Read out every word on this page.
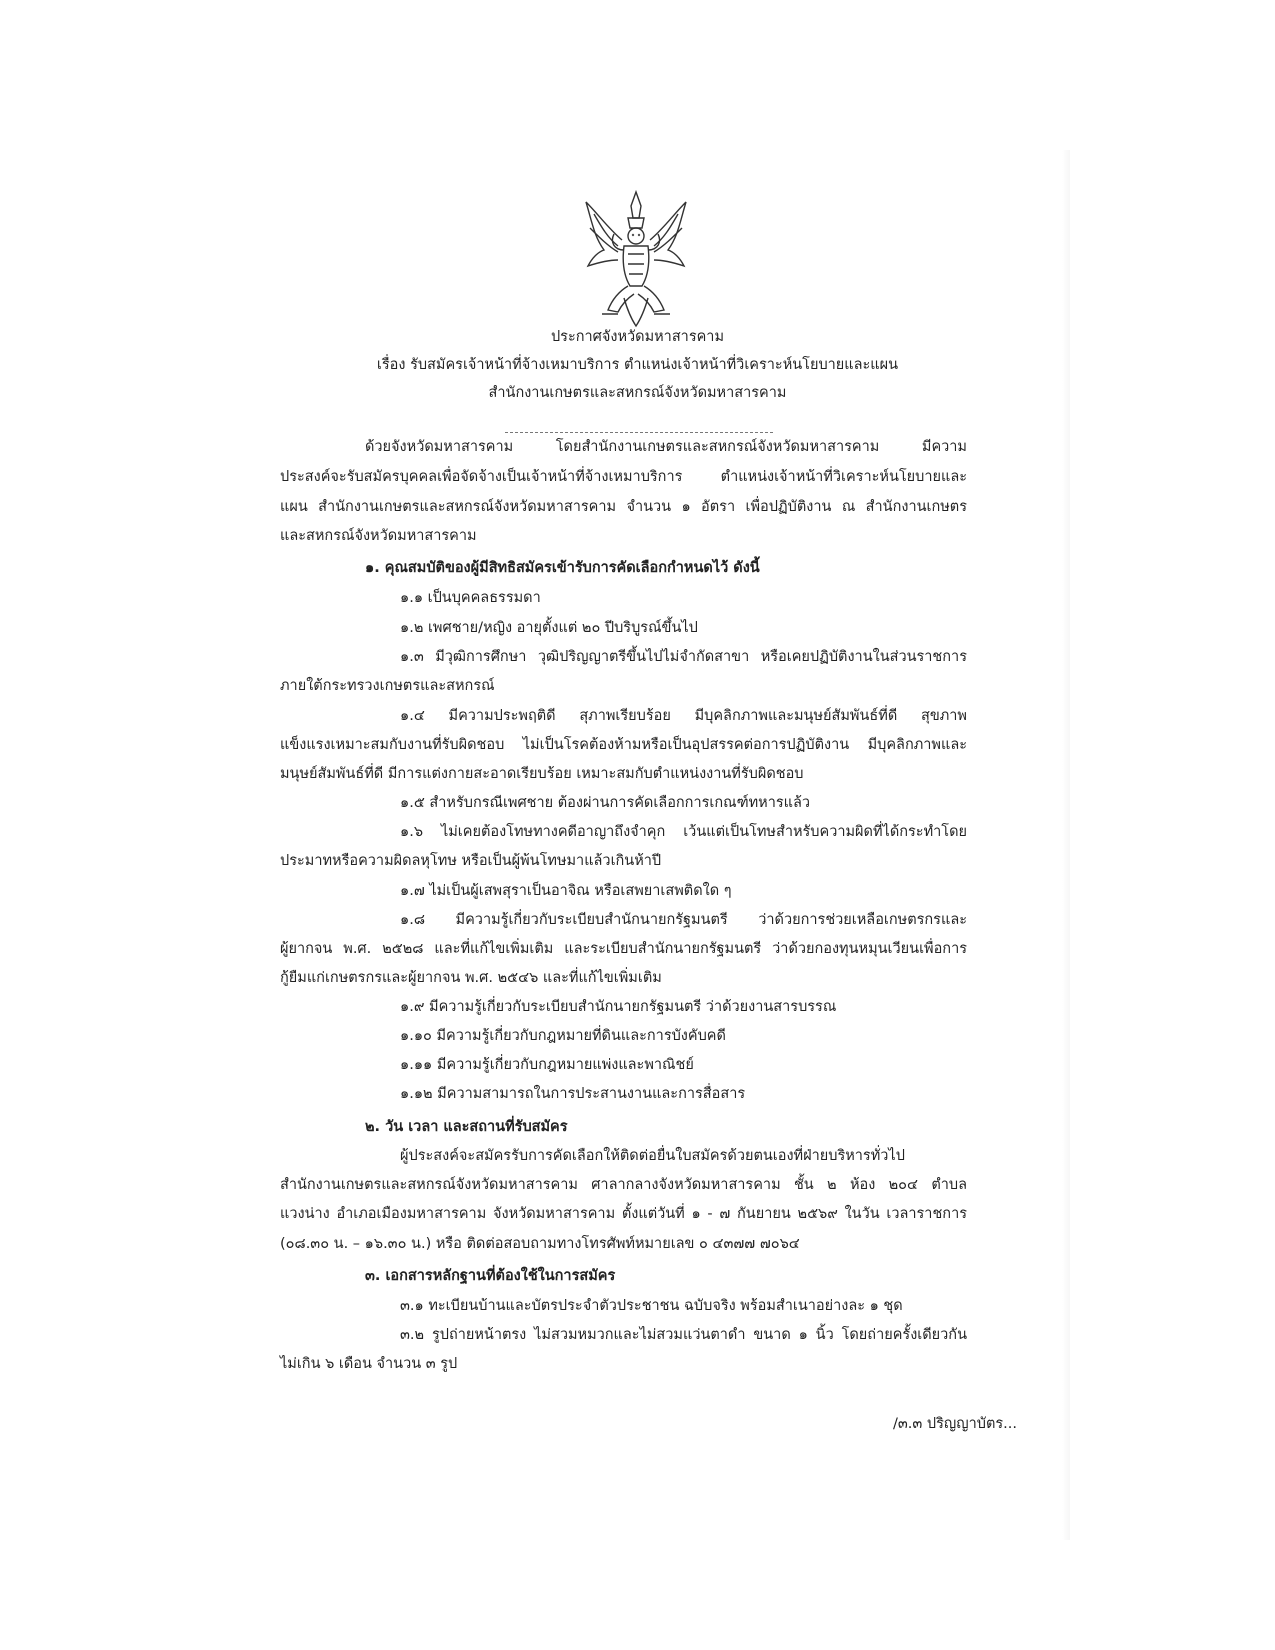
ประกาศจังหวัดมหาสารคาม
เรื่อง รับสมัครเจ้าหน้าที่จ้างเหมาบริการ ตำแหน่งเจ้าหน้าที่วิเคราะห์นโยบายและแผน
สำนักงานเกษตรและสหกรณ์จังหวัดมหาสารคาม
ด้วยจังหวัดมหาสารคาม โดยสำนักงานเกษตรและสหกรณ์จังหวัดมหาสารคาม มีความ
ประสงค์จะรับสมัครบุคคลเพื่อจัดจ้างเป็นเจ้าหน้าที่จ้างเหมาบริการ ตำแหน่งเจ้าหน้าที่วิเคราะห์นโยบายและ
แผน สำนักงานเกษตรและสหกรณ์จังหวัดมหาสารคาม จำนวน ๑ อัตรา เพื่อปฏิบัติงาน ณ สำนักงานเกษตร
และสหกรณ์จังหวัดมหาสารคาม
๑. คุณสมบัติของผู้มีสิทธิสมัครเข้ารับการคัดเลือกกำหนดไว้ ดังนี้
๑.๑ เป็นบุคคลธรรมดา
๑.๒ เพศชาย/หญิง อายุตั้งแต่ ๒๐ ปีบริบูรณ์ขึ้นไป
๑.๓ มีวุฒิการศึกษา วุฒิปริญญาตรีขึ้นไปไม่จำกัดสาขา หรือเคยปฏิบัติงานในส่วนราชการ
ภายใต้กระทรวงเกษตรและสหกรณ์
๑.๔ มีความประพฤติดี สุภาพเรียบร้อย มีบุคลิกภาพและมนุษย์สัมพันธ์ที่ดี สุขภาพ
แข็งแรงเหมาะสมกับงานที่รับผิดชอบ ไม่เป็นโรคต้องห้ามหรือเป็นอุปสรรคต่อการปฏิบัติงาน มีบุคลิกภาพและ
มนุษย์สัมพันธ์ที่ดี มีการแต่งกายสะอาดเรียบร้อย เหมาะสมกับตำแหน่งงานที่รับผิดชอบ
๑.๕ สำหรับกรณีเพศชาย ต้องผ่านการคัดเลือกการเกณฑ์ทหารแล้ว
๑.๖ ไม่เคยต้องโทษทางคดีอาญาถึงจำคุก เว้นแต่เป็นโทษสำหรับความผิดที่ได้กระทำโดย
ประมาทหรือความผิดลหุโทษ หรือเป็นผู้พ้นโทษมาแล้วเกินห้าปี
๑.๗ ไม่เป็นผู้เสพสุราเป็นอาจิณ หรือเสพยาเสพติดใด ๆ
๑.๘ มีความรู้เกี่ยวกับระเบียบสำนักนายกรัฐมนตรี ว่าด้วยการช่วยเหลือเกษตรกรและ
ผู้ยากจน พ.ศ. ๒๕๒๘ และที่แก้ไขเพิ่มเติม และระเบียบสำนักนายกรัฐมนตรี ว่าด้วยกองทุนหมุนเวียนเพื่อการ
กู้ยืมแก่เกษตรกรและผู้ยากจน พ.ศ. ๒๕๔๖ และที่แก้ไขเพิ่มเติม
๑.๙ มีความรู้เกี่ยวกับระเบียบสำนักนายกรัฐมนตรี ว่าด้วยงานสารบรรณ
๑.๑๐ มีความรู้เกี่ยวกับกฎหมายที่ดินและการบังคับคดี
๑.๑๑ มีความรู้เกี่ยวกับกฎหมายแพ่งและพาณิชย์
๑.๑๒ มีความสามารถในการประสานงานและการสื่อสาร
๒. วัน เวลา และสถานที่รับสมัคร
ผู้ประสงค์จะสมัครรับการคัดเลือกให้ติดต่อยื่นใบสมัครด้วยตนเองที่ฝ่ายบริหารทั่วไป
สำนักงานเกษตรและสหกรณ์จังหวัดมหาสารคาม ศาลากลางจังหวัดมหาสารคาม ชั้น ๒ ห้อง ๒๐๔ ตำบล
แวงน่าง อำเภอเมืองมหาสารคาม จังหวัดมหาสารคาม ตั้งแต่วันที่ ๑ - ๗ กันยายน ๒๕๖๙ ในวัน เวลาราชการ
(๐๘.๓๐ น. – ๑๖.๓๐ น.) หรือ ติดต่อสอบถามทางโทรศัพท์หมายเลข ๐ ๔๓๗๗ ๗๐๖๔
๓. เอกสารหลักฐานที่ต้องใช้ในการสมัคร
๓.๑ ทะเบียนบ้านและบัตรประจำตัวประชาชน ฉบับจริง พร้อมสำเนาอย่างละ ๑ ชุด
๓.๒ รูปถ่ายหน้าตรง ไม่สวมหมวกและไม่สวมแว่นตาดำ ขนาด ๑ นิ้ว โดยถ่ายครั้งเดียวกัน
ไม่เกิน ๖ เดือน จำนวน ๓ รูป
/๓.๓ ปริญญาบัตร...
